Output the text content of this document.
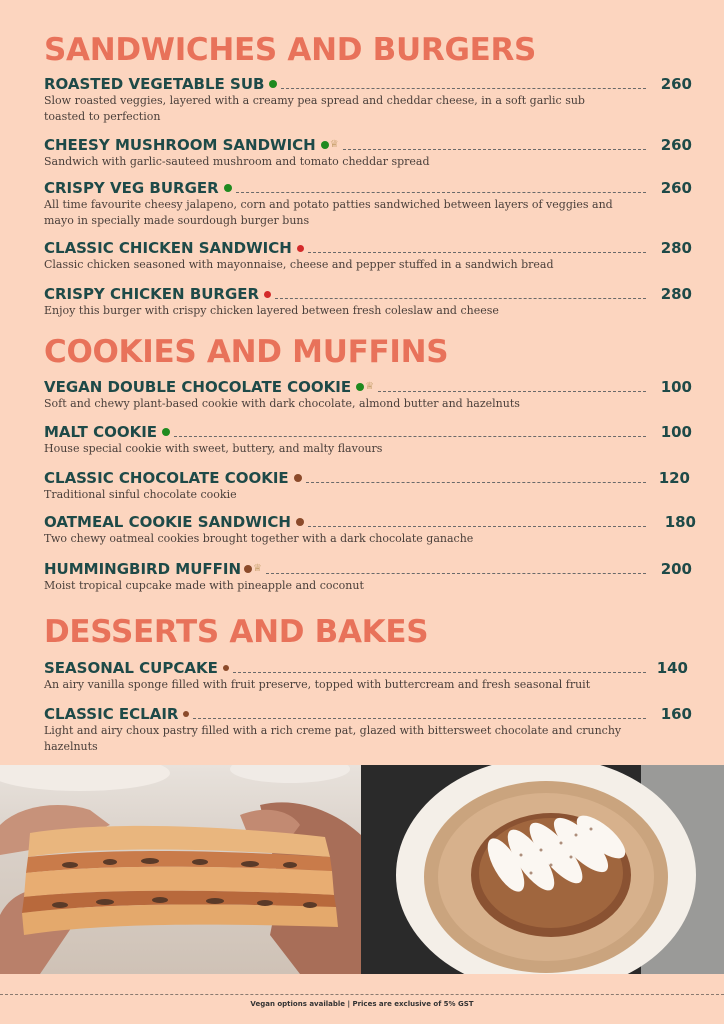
SANDWICHES AND BURGERS
ROASTED VEGETABLE SUB	260
Slow roasted veggies, layered with a creamy pea spread and cheddar cheese, in a soft garlic sub toasted to perfection
CHEESY MUSHROOM SANDWICH ♕	260
Sandwich with garlic-sauteed mushroom and tomato cheddar spread
CRISPY VEG BURGER	260
All time favourite cheesy jalapeno, corn and potato patties sandwiched between layers of veggies and mayo in specially made sourdough burger buns
CLASSIC CHICKEN SANDWICH	280
Classic chicken seasoned with mayonnaise, cheese and pepper stuffed in a sandwich bread
CRISPY CHICKEN BURGER	280
Enjoy this burger with crispy chicken layered between fresh coleslaw and cheese
COOKIES AND MUFFINS
VEGAN DOUBLE CHOCOLATE COOKIE ♕	100
Soft and chewy plant-based cookie with dark chocolate, almond butter and hazelnuts
MALT COOKIE	100
House special cookie with sweet, buttery, and malty flavours
CLASSIC CHOCOLATE COOKIE	120
Traditional sinful chocolate cookie
OATMEAL COOKIE SANDWICH	180
Two chewy oatmeal cookies brought together with a dark chocolate ganache
HUMMINGBIRD MUFFIN ♕	200
Moist tropical cupcake made with pineapple and coconut
DESSERTS AND BAKES
SEASONAL CUPCAKE	140
An airy vanilla sponge filled with fruit preserve, topped with buttercream and fresh seasonal fruit
CLASSIC ECLAIR	160
Light and airy choux pastry filled with a rich creme pat, glazed with bittersweet chocolate and crunchy hazelnuts
Vegan options available | Prices are exclusive of 5% GST
